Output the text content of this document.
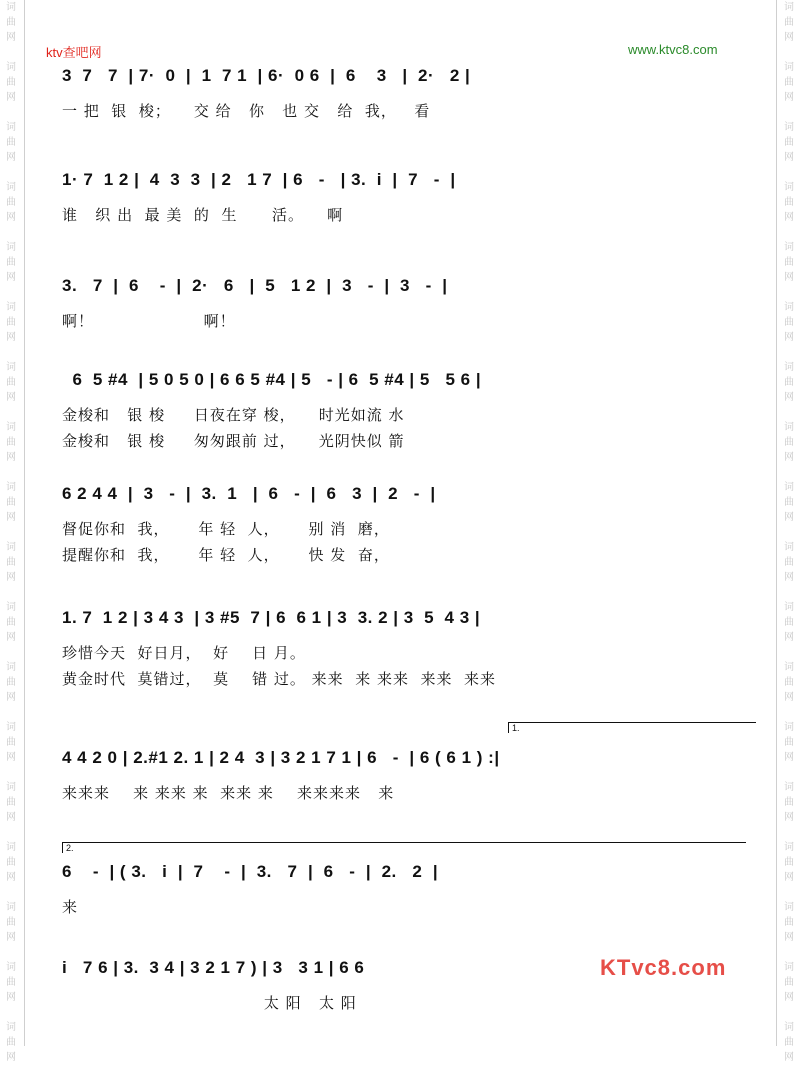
词
曲
网

词
曲
网

词
曲
网

词
曲
网

词
曲
网

词
曲
网

词
曲
网

词
曲
网

词
曲
网

词
曲
网

词
曲
网

词
曲
网

词
曲
网

词
曲
网

词
曲
网

词
曲
网

词
曲
网

词
曲
网
词
曲
网

词
曲
网

词
曲
网

词
曲
网

词
曲
网

词
曲
网

词
曲
网

词
曲
网

词
曲
网

词
曲
网

词
曲
网

词
曲
网

词
曲
网

词
曲
网

词
曲
网

词
曲
网

词
曲
网

词
曲
网
ktv查吧网	www.ktvc8.com
3  7   7  | 7·  0  |  1  7 1  | 6·  0 6  |  6    3   |  2·   2 |
一 把  银  梭；    交 给   你   也 交   给  我，   看
1· 7  1 2 |  4  3  3  | 2   1 7  | 6   -   | 3.  i  |  7   -  |
谁   织 出  最 美  的  生      活。    啊
3.   7  |  6    -  |  2·   6   |  5   1 2  |  3   -  |  3   -  |
啊！                   啊！
6  5 #4  | 5 0 5 0 | 6 6 5 #4 | 5   - | 6  5 #4 | 5   5 6 |
金梭和   银 梭     日夜在穿 梭，    时光如流 水
金梭和   银 梭     匆匆跟前 过，    光阴快似 箭
6 2 4 4  |  3   -  |  3.  1   |  6   -  |  6   3  |  2   -  |
督促你和  我，     年 轻  人，     别 消  磨，
提醒你和  我，     年 轻  人，     快 发  奋，
1. 7  1 2 | 3 4 3  | 3 #5  7 | 6  6 1 | 3  3. 2 | 3  5  4 3 |
珍惜今天  好日月，  好    日 月。
黄金时代  莫错过，  莫    错 过。 来来  来 来来  来来  来来
4 4 2 0 | 2.#1 2. 1 | 2 4  3 | 3 2 1 7 1 | 6   -  | 6 ( 6 1 ) :|
来来来    来 来来 来  来来 来    来来来来   来
6    -  | ( 3.   i  |  7    -  |  3.   7  |  6   -  |  2.   2  |
来
i   7 6 | 3.  3 4 | 3 2 1 7 ) | 3   3 1 | 6 6
太 阳   太 阳
1.
2.
KTvc8.com
